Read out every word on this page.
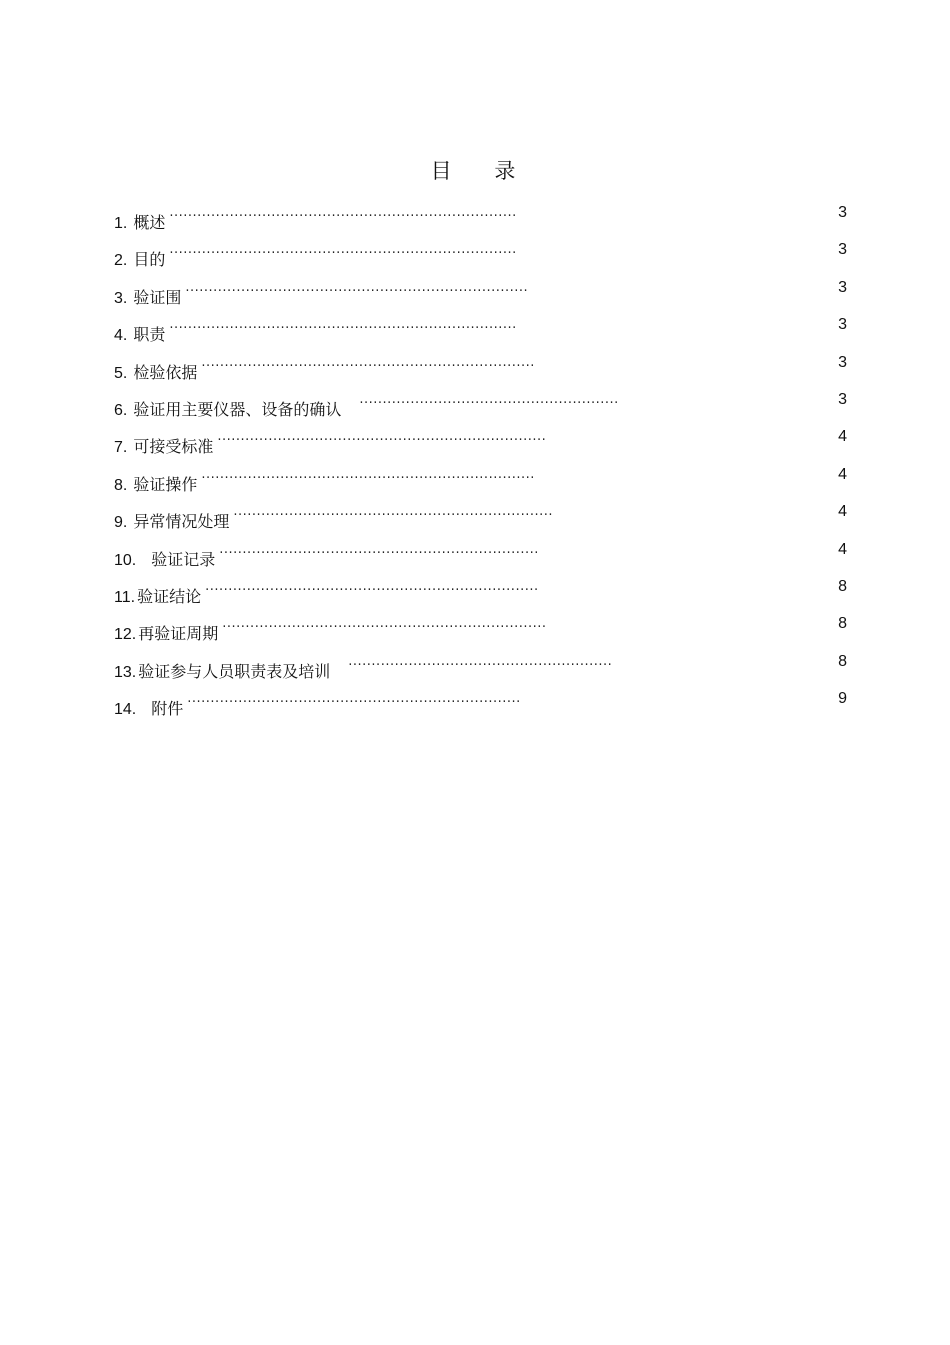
目 录
1. 概述...........................................................................	3
2. 目的...........................................................................	3
3. 验证围..........................................................................	3
4. 职责...........................................................................	3
5. 检验依据........................................................................	3
6. 验证用主要仪器、设备的确认........................................................	3
7. 可接受标准.......................................................................	4
8. 验证操作........................................................................	4
9. 异常情况处理.....................................................................	4
10. 验证记录.....................................................................	4
11. 验证结论........................................................................	8
12. 再验证周期......................................................................	8
13. 验证参与人员职责表及培训.........................................................	8
14. 附件........................................................................	9
